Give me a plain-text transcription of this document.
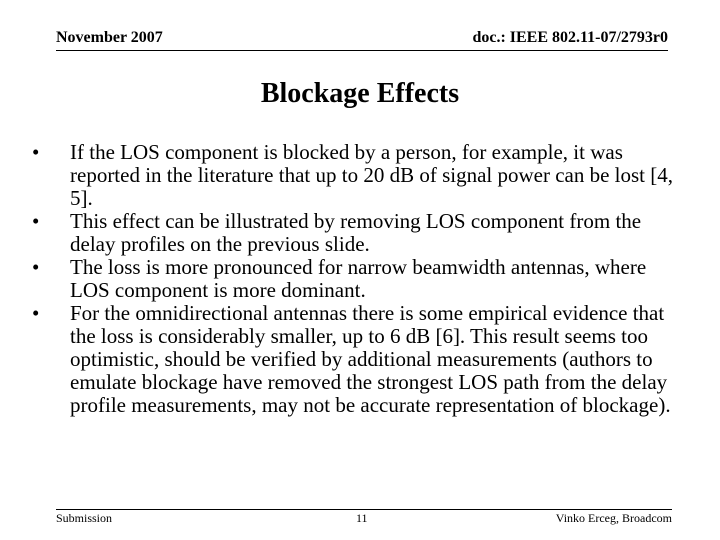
November 2007	doc.: IEEE 802.11-07/2793r0
Blockage Effects
•	If the LOS component is blocked by a person, for example, it was reported in the literature that up to 20 dB of signal power can be lost [4, 5].
•	This effect can be illustrated by removing LOS component from the delay profiles on the previous slide.
•	The loss is more pronounced for narrow beamwidth antennas, where LOS component is more dominant.
•	For the omnidirectional antennas there is some empirical evidence that the loss is considerably smaller, up to 6 dB [6]. This result seems too optimistic, should be verified by additional measurements (authors to emulate blockage have removed the strongest LOS path from the delay profile measurements, may not be accurate representation of blockage).
Submission	11	Vinko Erceg, Broadcom
